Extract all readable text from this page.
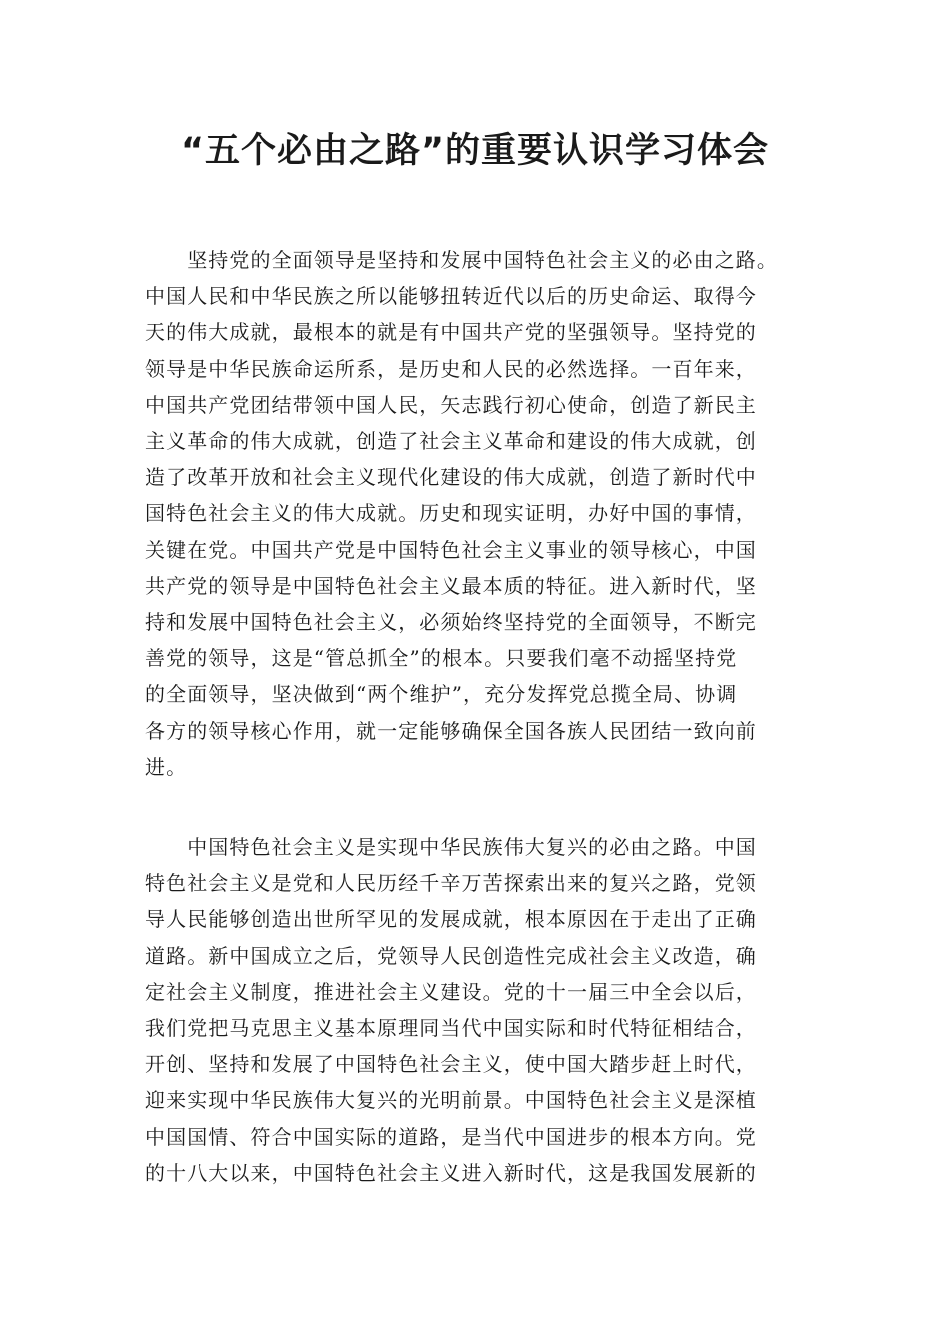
“五个必由之路”的重要认识学习体会
　　坚持党的全面领导是坚持和发展中国特色社会主义的必由之路。
中国人民和中华民族之所以能够扭转近代以后的历史命运、取得今
天的伟大成就，最根本的就是有中国共产党的坚强领导。坚持党的
领导是中华民族命运所系，是历史和人民的必然选择。一百年来，
中国共产党团结带领中国人民，矢志践行初心使命，创造了新民主
主义革命的伟大成就，创造了社会主义革命和建设的伟大成就，创
造了改革开放和社会主义现代化建设的伟大成就，创造了新时代中
国特色社会主义的伟大成就。历史和现实证明，办好中国的事情，
关键在党。中国共产党是中国特色社会主义事业的领导核心，中国
共产党的领导是中国特色社会主义最本质的特征。进入新时代，坚
持和发展中国特色社会主义，必须始终坚持党的全面领导，不断完
善党的领导，这是“管总抓全”的根本。只要我们毫不动摇坚持党
的全面领导，坚决做到“两个维护”，充分发挥党总揽全局、协调
各方的领导核心作用，就一定能够确保全国各族人民团结一致向前
进。
　　中国特色社会主义是实现中华民族伟大复兴的必由之路。中国
特色社会主义是党和人民历经千辛万苦探索出来的复兴之路，党领
导人民能够创造出世所罕见的发展成就，根本原因在于走出了正确
道路。新中国成立之后，党领导人民创造性完成社会主义改造，确
定社会主义制度，推进社会主义建设。党的十一届三中全会以后，
我们党把马克思主义基本原理同当代中国实际和时代特征相结合，
开创、坚持和发展了中国特色社会主义，使中国大踏步赶上时代，
迎来实现中华民族伟大复兴的光明前景。中国特色社会主义是深植
中国国情、符合中国实际的道路，是当代中国进步的根本方向。党
的十八大以来，中国特色社会主义进入新时代，这是我国发展新的
